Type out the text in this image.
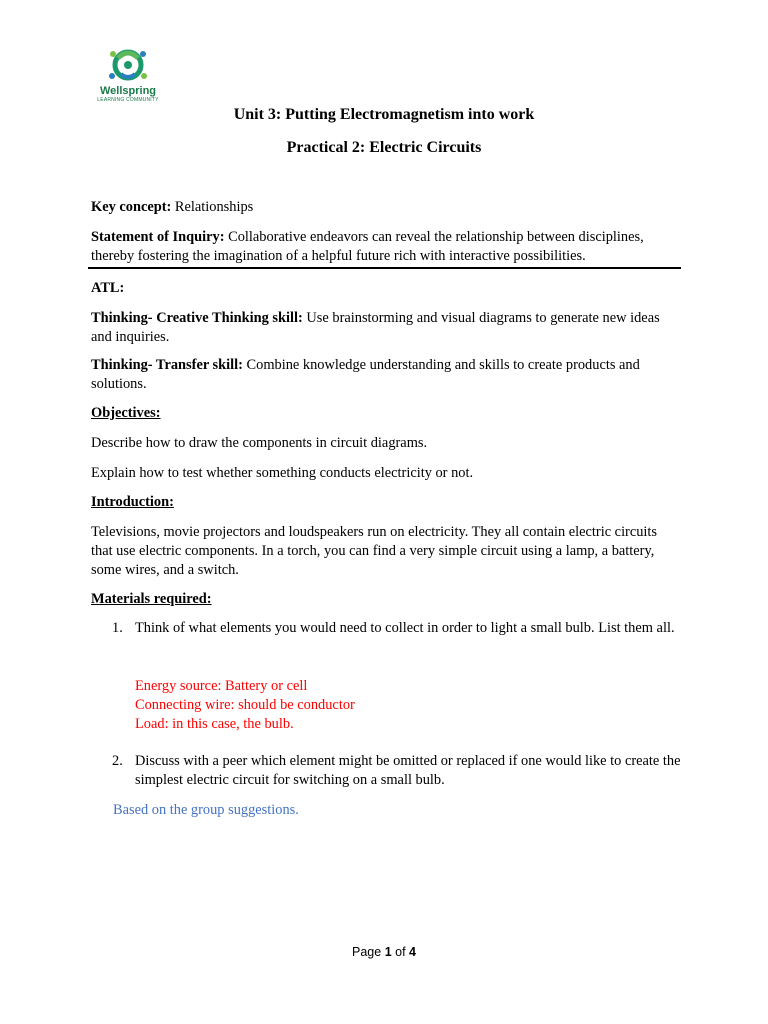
Wellspring
LEARNING COMMUNITY
Unit 3: Putting Electromagnetism into work
Practical 2: Electric Circuits
Key concept: Relationships
Statement of Inquiry: Collaborative endeavors can reveal the relationship between disciplines, thereby fostering the imagination of a helpful future rich with interactive possibilities.
ATL:
Thinking- Creative Thinking skill: Use brainstorming and visual diagrams to generate new ideas and inquiries.
Thinking- Transfer skill: Combine knowledge understanding and skills to create products and solutions.
Objectives:
Describe how to draw the components in circuit diagrams.
Explain how to test whether something conducts electricity or not.
Introduction:
Televisions, movie projectors and loudspeakers run on electricity. They all contain electric circuits that use electric components. In a torch, you can find a very simple circuit using a lamp, a battery, some wires, and a switch.
Materials required:
1. Think of what elements you would need to collect in order to light a small bulb. List them all.
Energy source: Battery or cell
Connecting wire: should be conductor
Load: in this case, the bulb.
2. Discuss with a peer which element might be omitted or replaced if one would like to create the simplest electric circuit for switching on a small bulb.
Based on the group suggestions.
Page 1 of 4
